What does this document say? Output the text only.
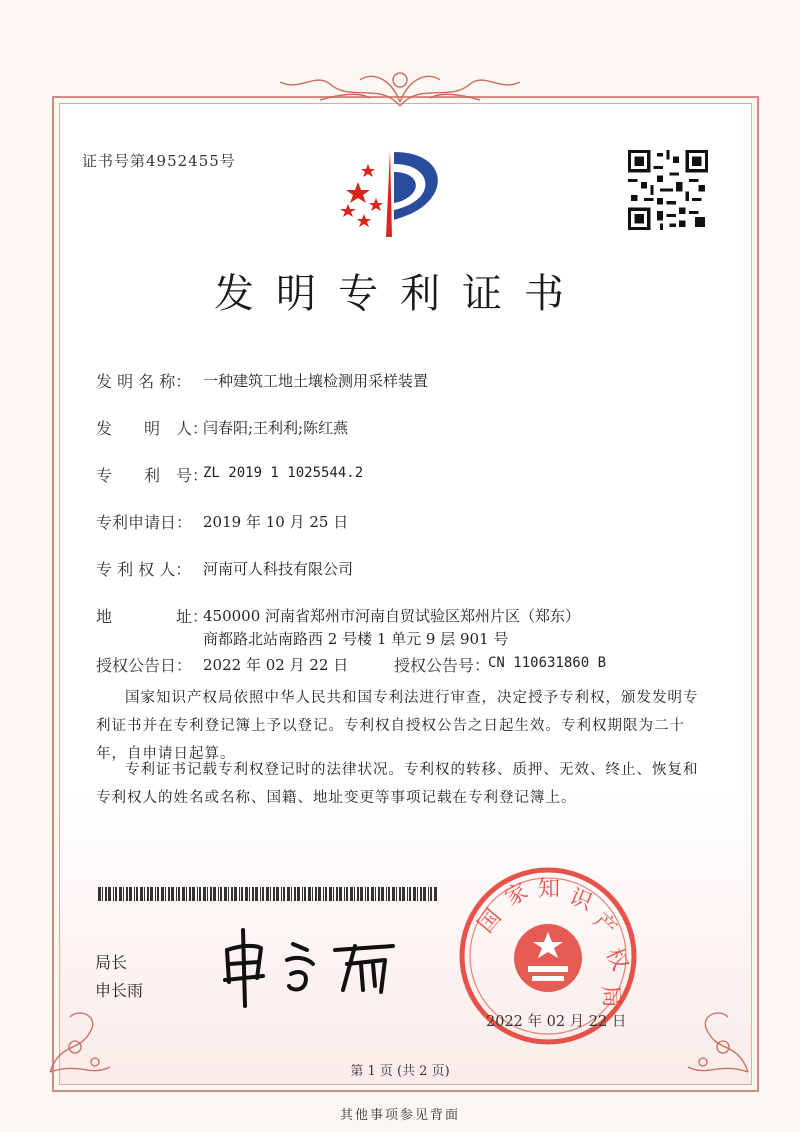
证书号第4952455号
发明专利证书
发 明 名 称： 一种建筑工地土壤检测用采样装置
发　　明　人：
闫春阳;王利利;陈红燕
专　　利　号：
ZL 2019 1 1025544.2
专利申请日： 2019 年 10 月 25 日
专 利 权 人： 河南可人科技有限公司
地　　　　址：
450000 河南省郑州市河南自贸试验区郑州片区（郑东）
商都路北站南路西 2 号楼 1 单元 9 层 901 号
授权公告日： 2022 年 02 月 22 日	授权公告号：
CN 110631860 B
国家知识产权局依照中华人民共和国专利法进行审查，决定授予专利权，颁发发明专利证书并在专利登记簿上予以登记。专利权自授权公告之日起生效。专利权期限为二十年，自申请日起算。
专利证书记载专利权登记时的法律状况。专利权的转移、质押、无效、终止、恢复和专利权人的姓名或名称、国籍、地址变更等事项记载在专利登记簿上。
局长
申长雨
国
家 知 识
产
权
局
2022 年 02 月 22 日
第 1 页 (共 2 页)
其他事项参见背面
